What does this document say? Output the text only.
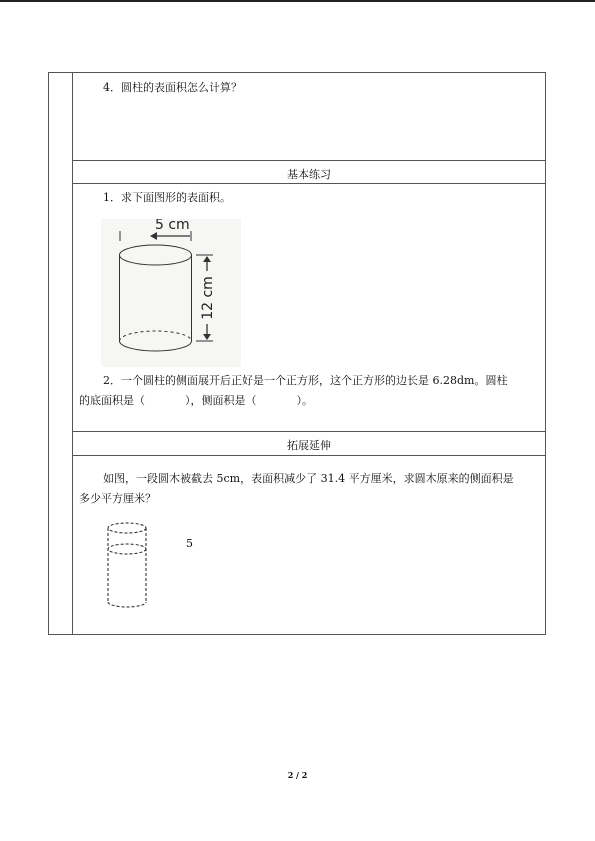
4．圆柱的表面积怎么计算？
基本练习
1．求下面图形的表面积。
5 cm
12 cm
2．一个圆柱的侧面展开后正好是一个正方形，这个正方形的边长是 6.28dm。圆柱
的底面积是（	），侧面积是（	）。
拓展延伸
如图，一段圆木被截去 5cm，表面积减少了 31.4 平方厘米，求圆木原来的侧面积是
多少平方厘米？
5
2 / 2
